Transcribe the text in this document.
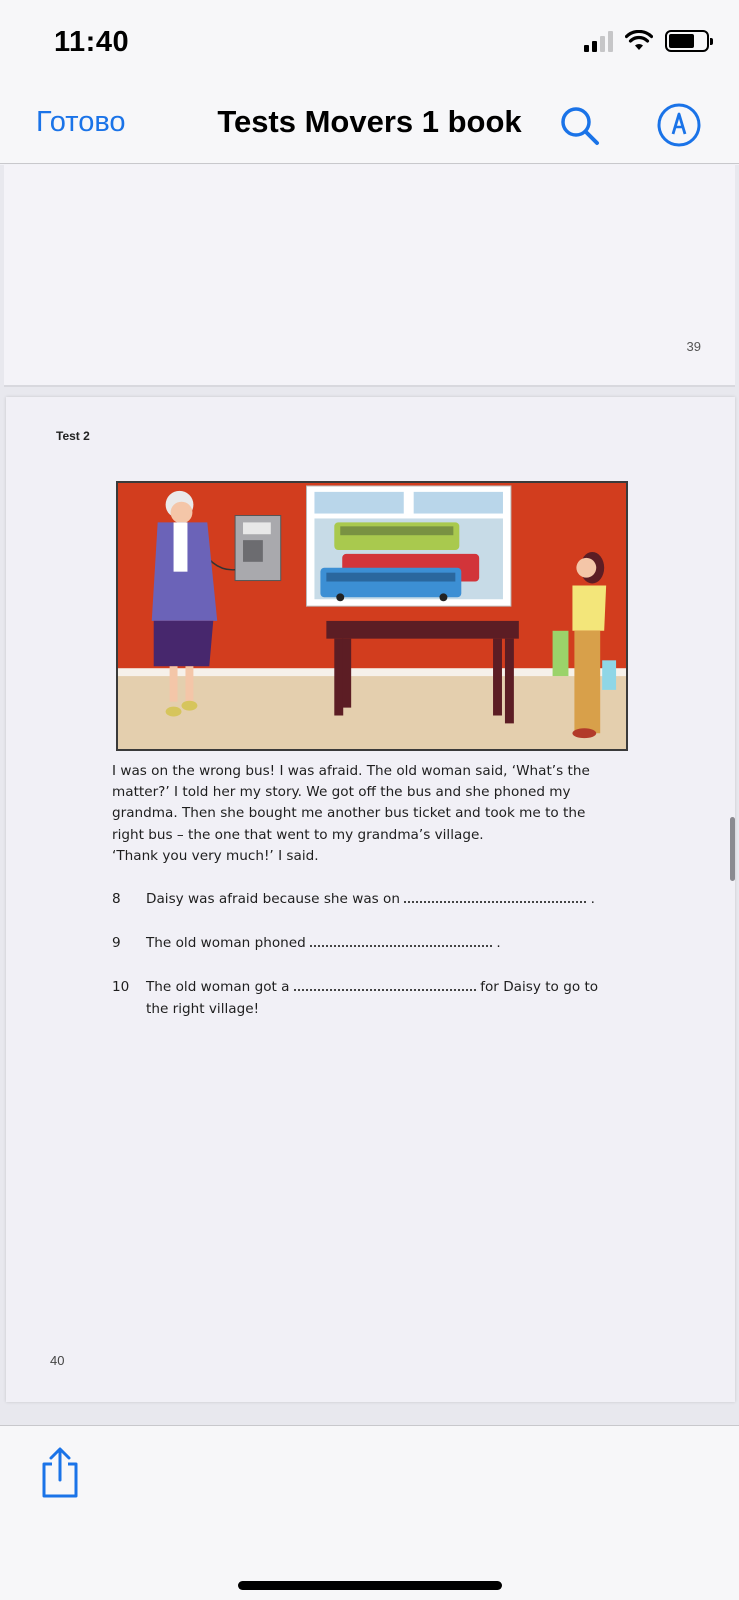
11:40
Готово	Tests Movers 1 book
39
Test 2
I was on the wrong bus! I was afraid. The old woman said, ‘What’s the
matter?’ I told her my story. We got off the bus and she phoned my
grandma. Then she bought me another bus ticket and took me to the
right bus – the one that went to my grandma’s village.
‘Thank you very much!’ I said.
8 Daisy was afraid because she was on	.
9 The old woman phoned	.
10 The old woman got a	for Daisy to go to
the right village!
40
